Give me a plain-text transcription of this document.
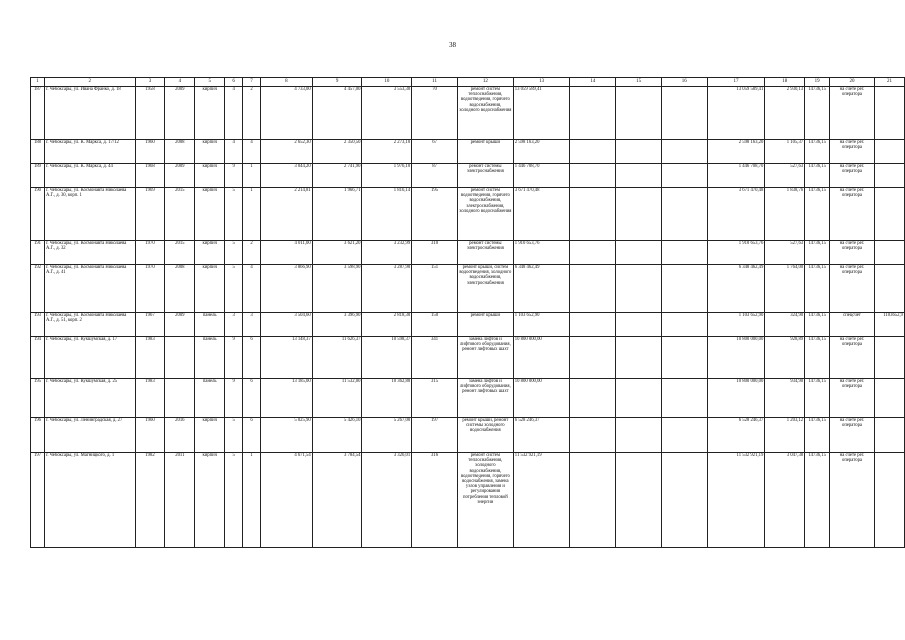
38
1	2	3	4	5	6	7	8	9	10	11	12	13	14	15	16	17	18	19	20	21
187	г. Чебоксары, ул. Ивана Франко, д. 18	1958	2009	кирпич	4	2	4 733,00	4 457,00	3 553,30	70	ремонт систем теплоснабжения, водоотведения, горячего водоснабжения, холодного водоснабжения	13 059 589,41				13 059 589,41	2 930,13	14736,15	на счете рег. оператора	
188	г. Чебоксары, ул. К. Маркса, д. 17/12	1960	2008	кирпич	4	4	2 652,30	2 350,50	2 273,10	67	ремонт крыши	2 598 163,20				2 598 163,20	1 105,37	14736,15	на счете рег. оператора	
189	г. Чебоксары, ул. К. Маркса, д. 44	1968	2009	кирпич	9	1	3 044,20	2 741,90	1 976,10	87	ремонт системы электроснабжения	1 446 708,70				1 446 708,70	527,63	14736,15	на счете рег. оператора	
190	г. Чебоксары, ул. Космонавта Николаева А.Г., д. 30, корп. 1	1969	2015	кирпич	5	1	2 214,81	1 966,71	1 816,14	195	ремонт систем водоотведения, горячего водоснабжения, электроснабжения, холодного водоснабжения	3 671 470,48				3 671 470,48	1 838,76	14736,15	на счете рег. оператора	
191	г. Чебоксары, ул. Космонавта Николаева А.Г., д. 32	1970	2015	кирпич	5	2	4 011,00	3 621,20	3 232,99	310	ремонт системы электроснабжения	1 910 653,76				1 910 653,76	527,63	14736,15	на счете рег. оператора	
192	г. Чебоксары, ул. Космонавта Николаева А.Г., д. 41	1970	2008	кирпич	5	4	3 866,90	3 598,90	3 287,90	151	ремонт крыши, систем водоотведения, холодного водоснабжения, электроснабжения	6 348 462,49				6 348 462,49	1 764,00	14736,15	на счете рег. оператора	
193	г. Чебоксары, ул. Космонавта Николаева А.Г., д. 51, корп. 2	1967	2009	панель	3	3	3 504,60	3 396,90	2 818,30	150	ремонт крыши	1 103 652,90				1 103 652,90	324,90	14736,15	спецсчет	1103652,9
194	г. Чебоксары, ул. Кукшумская, д. 17	1983		панель	9	6	13 148,37	11 626,37	10 598,37	341	замена лифтов и лифтового оборудования, ремонт лифтовых шахт	10 800 000,00				10 800 000,00	928,89	14736,15	на счете рег. оператора	
195	г. Чебоксары, ул. Кукшумская, д. 25	1983		панель	9	6	13 185,00	11 532,00	10 362,80	315	замена лифтов и лифтового оборудования, ремонт лифтовых шахт	10 800 000,00				10 800 000,00	934,90	14736,15	на счете рег. оператора	
196	г. Чебоксары, ул. Ленинградская, д. 27	1960	2016	кирпич	5	6	5 025,90	5 426,10	5 267,00	197	ремонт крыши, ремонт системы холодного водоснабжения	6 528 246,37				6 528 246,37	1 203,12	14736,15	на счете рег. оператора	
197	г. Чебоксары, ул. Магницкого, д. 1	1982	2011	кирпич	5	1	4 671,54	3 784,54	3 326,01	316	ремонт систем теплоснабжения, холодного водоснабжения, водоотведения, горячего водоснабжения, замена узлов управления и регулирования потребления тепловой энергии	11 532 921,19				11 532 921,19	3 047,38	14736,15	на счете рег. оператора	
